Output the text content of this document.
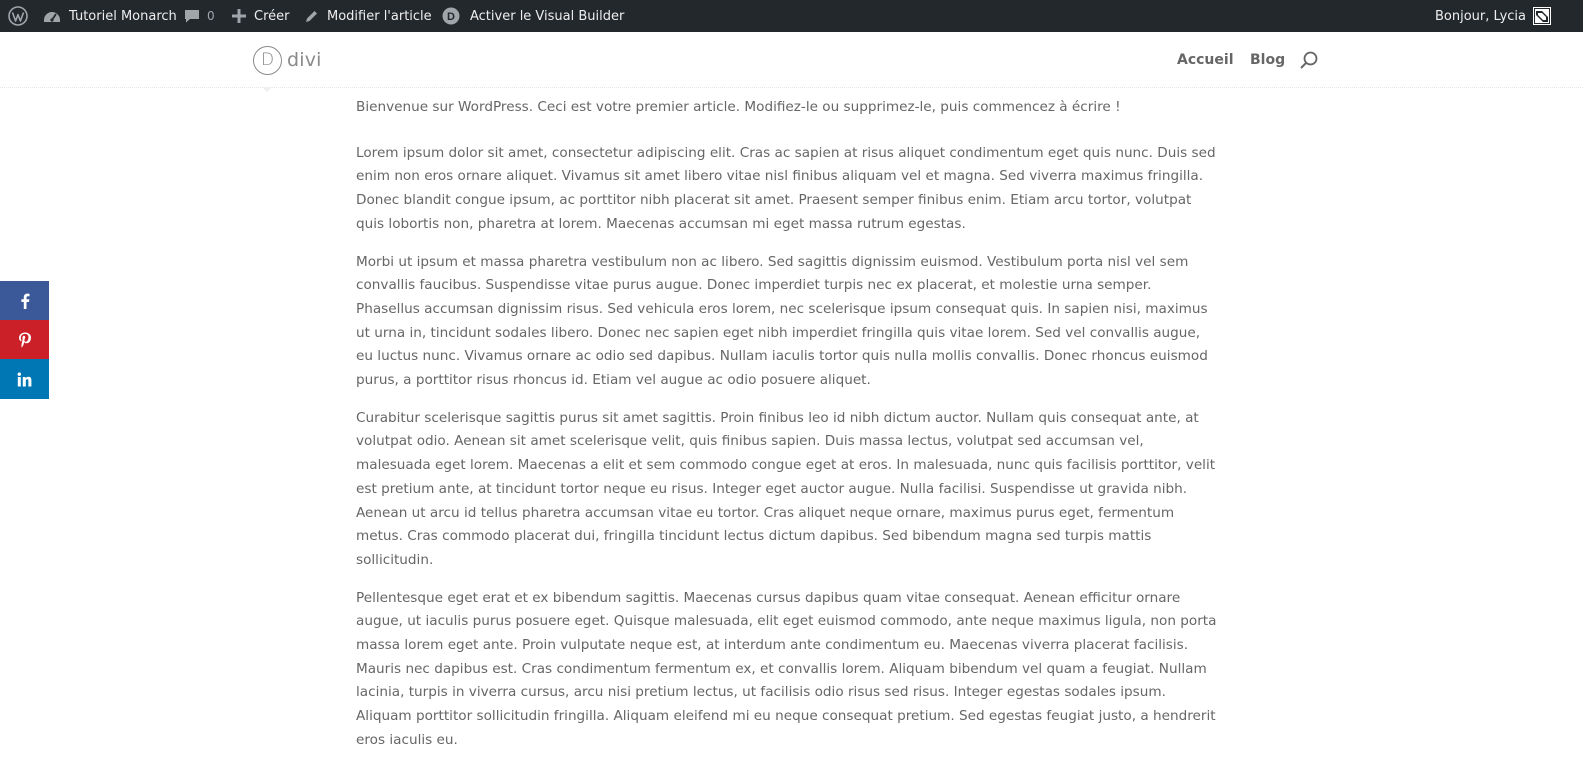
Tutoriel Monarch	0	Créer	Modifier l'article D Activer le Visual Builder	Bonjour, Lycia
D divi	Accueil Blog

Bienvenue sur WordPress. Ceci est votre premier article. Modifiez-le ou supprimez-le, puis commencez à écrire !

Lorem ipsum dolor sit amet, consectetur adipiscing elit. Cras ac sapien at risus aliquet condimentum eget quis nunc. Duis sed enim non eros ornare aliquet. Vivamus sit amet libero vitae nisl finibus aliquam vel et magna. Sed viverra maximus fringilla. Donec blandit congue ipsum, ac porttitor nibh placerat sit amet. Praesent semper finibus enim. Etiam arcu tortor, volutpat quis lobortis non, pharetra at lorem. Maecenas accumsan mi eget massa rutrum egestas.

Morbi ut ipsum et massa pharetra vestibulum non ac libero. Sed sagittis dignissim euismod. Vestibulum porta nisl vel sem convallis faucibus. Suspendisse vitae purus augue. Donec imperdiet turpis nec ex placerat, et molestie urna semper. Phasellus accumsan dignissim risus. Sed vehicula eros lorem, nec scelerisque ipsum consequat quis. In sapien nisi, maximus ut urna in, tincidunt sodales libero. Donec nec sapien eget nibh imperdiet fringilla quis vitae lorem. Sed vel convallis augue, eu luctus nunc. Vivamus ornare ac odio sed dapibus. Nullam iaculis tortor quis nulla mollis convallis. Donec rhoncus euismod purus, a porttitor risus rhoncus id. Etiam vel augue ac odio posuere aliquet.

Curabitur scelerisque sagittis purus sit amet sagittis. Proin finibus leo id nibh dictum auctor. Nullam quis consequat ante, at volutpat odio. Aenean sit amet scelerisque velit, quis finibus sapien. Duis massa lectus, volutpat sed accumsan vel, malesuada eget lorem. Maecenas a elit et sem commodo congue eget at eros. In malesuada, nunc quis facilisis porttitor, velit est pretium ante, at tincidunt tortor neque eu risus. Integer eget auctor augue. Nulla facilisi. Suspendisse ut gravida nibh. Aenean ut arcu id tellus pharetra accumsan vitae eu tortor. Cras aliquet neque ornare, maximus purus eget, fermentum metus. Cras commodo placerat dui, fringilla tincidunt lectus dictum dapibus. Sed bibendum magna sed turpis mattis sollicitudin.

Pellentesque eget erat et ex bibendum sagittis. Maecenas cursus dapibus quam vitae consequat. Aenean efficitur ornare augue, ut iaculis purus posuere eget. Quisque malesuada, elit eget euismod commodo, ante neque maximus ligula, non porta massa lorem eget ante. Proin vulputate neque est, at interdum ante condimentum eu. Maecenas viverra placerat facilisis. Mauris nec dapibus est. Cras condimentum fermentum ex, et convallis lorem. Aliquam bibendum vel quam a feugiat. Nullam lacinia, turpis in viverra cursus, arcu nisi pretium lectus, ut facilisis odio risus sed risus. Integer egestas sodales ipsum. Aliquam porttitor sollicitudin fringilla. Aliquam eleifend mi eu neque consequat pretium. Sed egestas feugiat justo, a hendrerit eros iaculis eu.
